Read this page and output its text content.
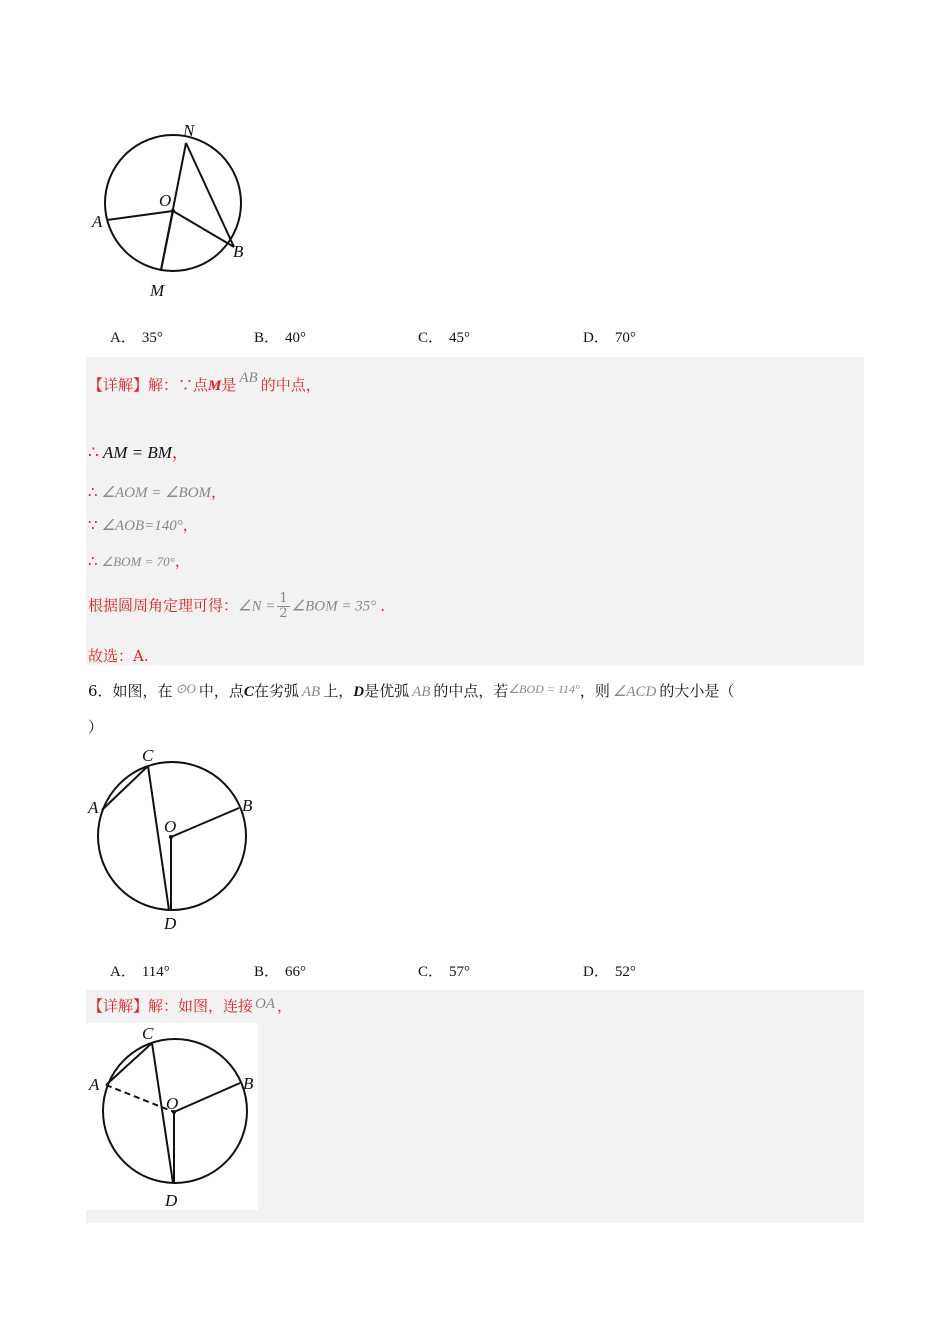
N
O
A
B
M
A． 35°	B． 40°	C． 45°	D． 70°
【详解】解：∵点M是 AB 的中点，
∴ AM = BM，
∴ ∠AOM = ∠BOM，
∵ ∠AOB=140°，
∴ ∠BOM = 70°，
根据圆周角定理可得：∠N = $\frac{1}{2}$ ∠BOM = 35° .
故选：A.
6．如图，在 ⊙O 中，点C在劣弧 AB 上，D是优弧 AB 的中点，若$^{\angle BOD = 114^\circ}$，则 ∠ACD 的大小是（
）
C
A	B
O
D
A． 114°	B． 66°	C． 57°	D． 52°
【详解】解：如图，连接 OA ，
C
A	B
O
D
